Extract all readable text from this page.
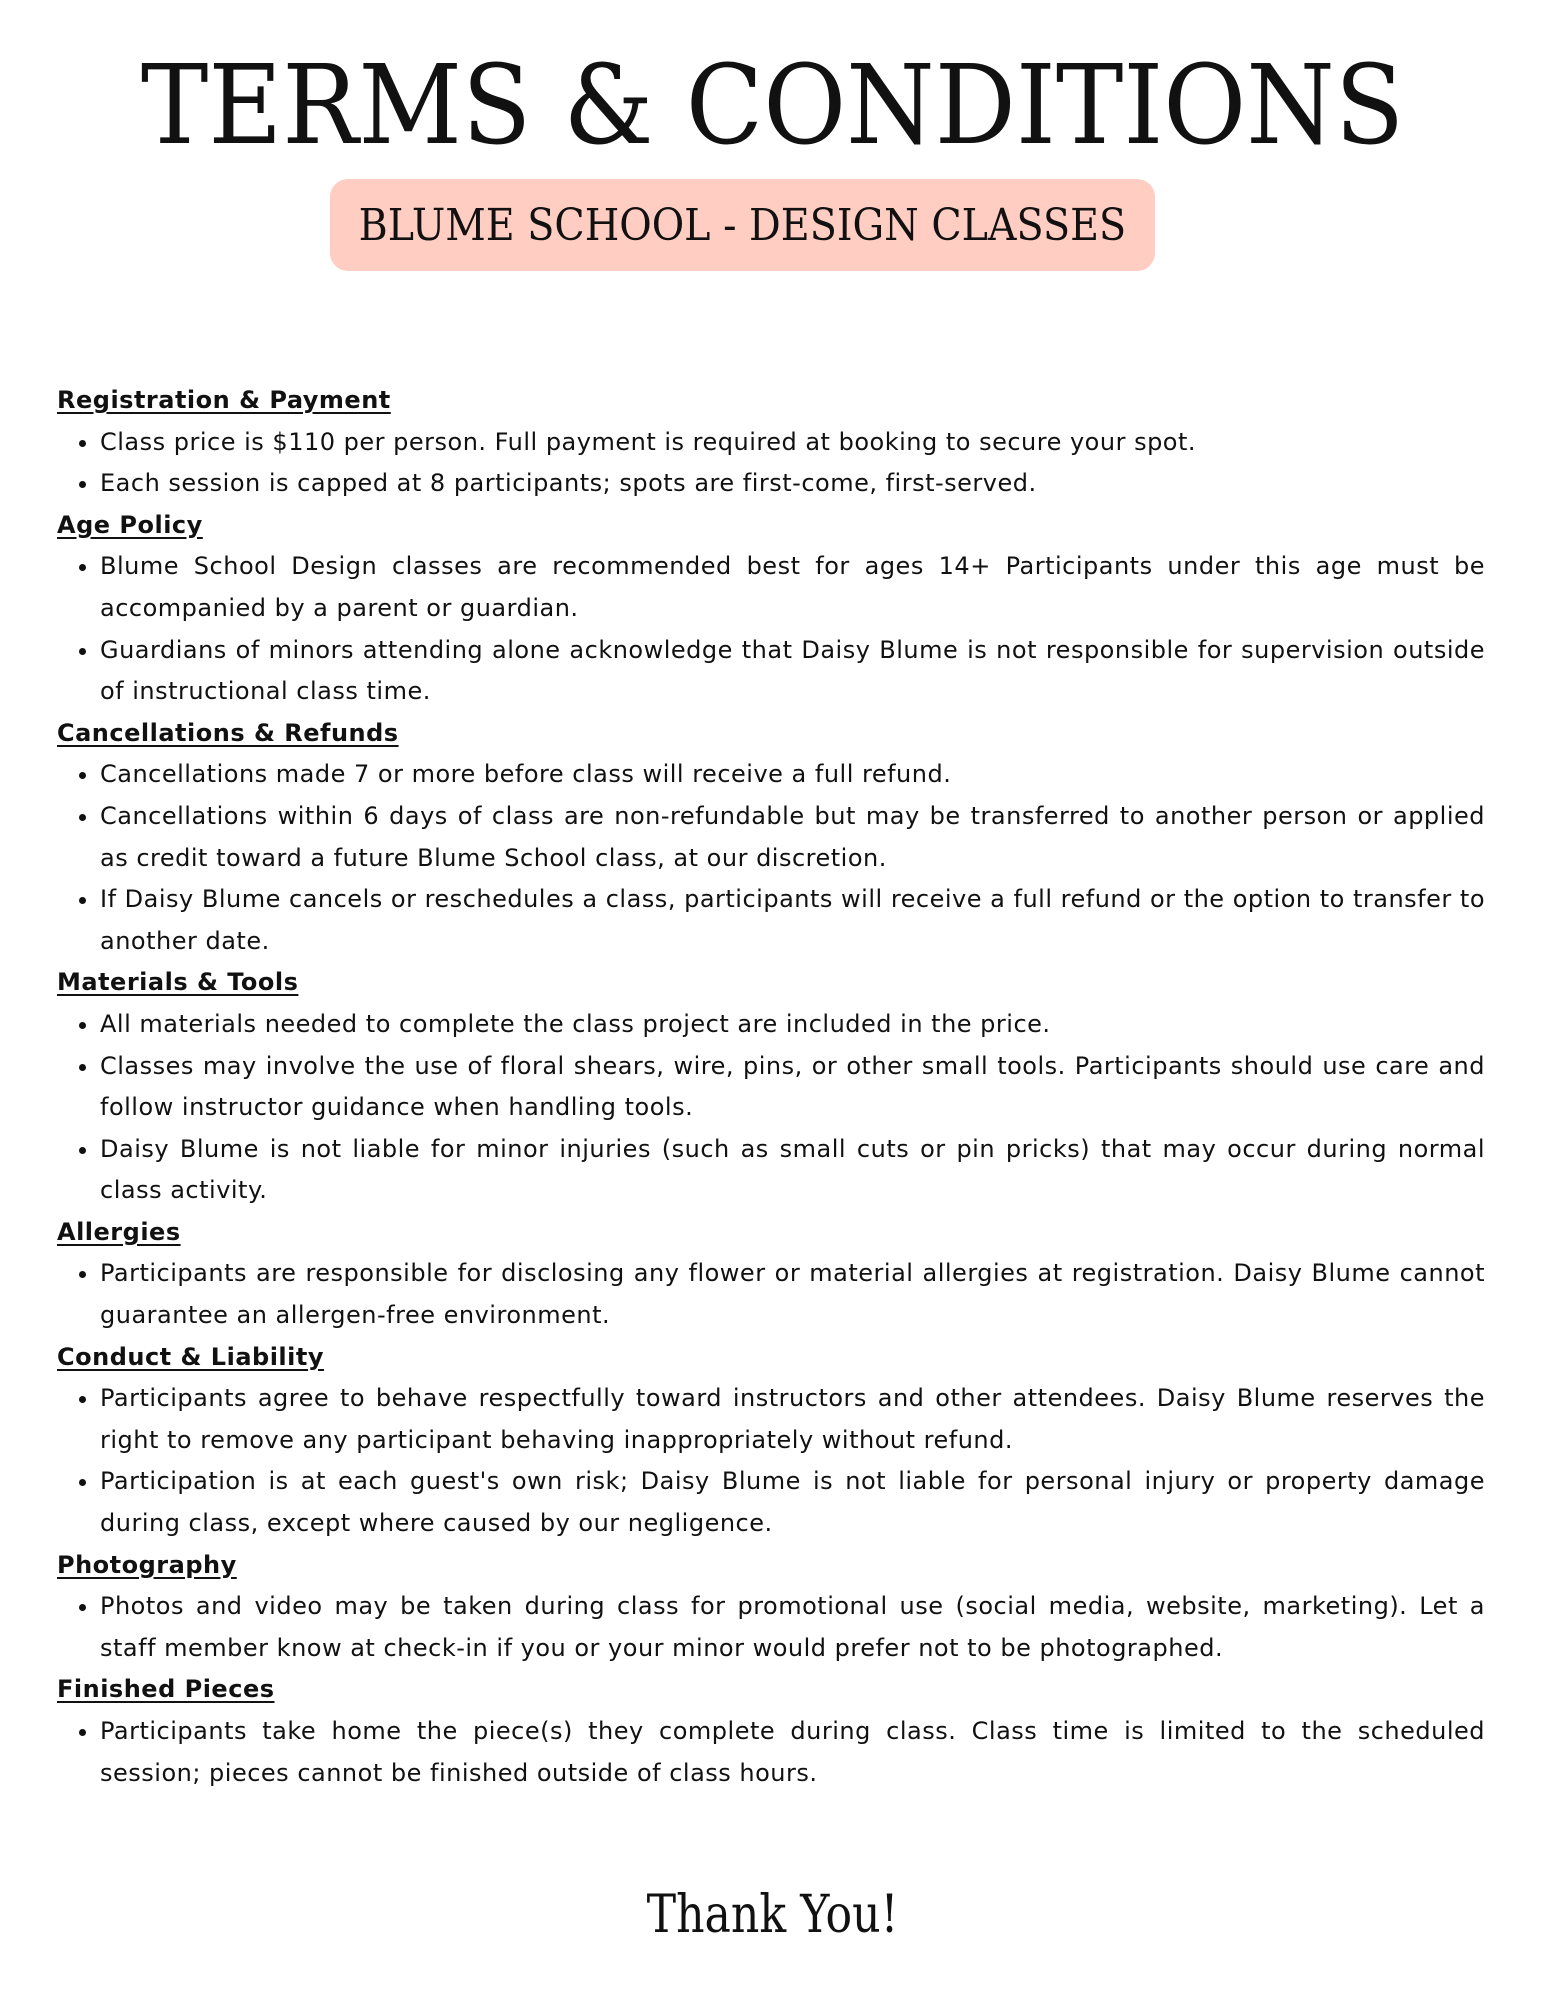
TERMS & CONDITIONS
BLUME SCHOOL - DESIGN CLASSES

Registration & Payment

• Class price is $110 per person. Full payment is required at booking to secure your spot.
• Each session is capped at 8 participants; spots are first-come, first-served.

Age Policy

• Blume School Design classes are recommended best for ages 14+ Participants under this age must be accompanied by a parent or guardian.
• Guardians of minors attending alone acknowledge that Daisy Blume is not responsible for supervision outside of instructional class time.

Cancellations & Refunds

• Cancellations made 7 or more before class will receive a full refund.
• Cancellations within 6 days of class are non-refundable but may be transferred to another person or applied as credit toward a future Blume School class, at our discretion.
• If Daisy Blume cancels or reschedules a class, participants will receive a full refund or the option to transfer to another date.

Materials & Tools

• All materials needed to complete the class project are included in the price.
• Classes may involve the use of floral shears, wire, pins, or other small tools. Participants should use care and follow instructor guidance when handling tools.
• Daisy Blume is not liable for minor injuries (such as small cuts or pin pricks) that may occur during normal class activity.

Allergies

• Participants are responsible for disclosing any flower or material allergies at registration. Daisy Blume cannot guarantee an allergen-free environment.

Conduct & Liability

• Participants agree to behave respectfully toward instructors and other attendees. Daisy Blume reserves the right to remove any participant behaving inappropriately without refund.
• Participation is at each guest's own risk; Daisy Blume is not liable for personal injury or property damage during class, except where caused by our negligence.

Photography

• Photos and video may be taken during class for promotional use (social media, website, marketing). Let a staff member know at check-in if you or your minor would prefer not to be photographed.

Finished Pieces

• Participants take home the piece(s) they complete during class. Class time is limited to the scheduled session; pieces cannot be finished outside of class hours.
Thank You!
